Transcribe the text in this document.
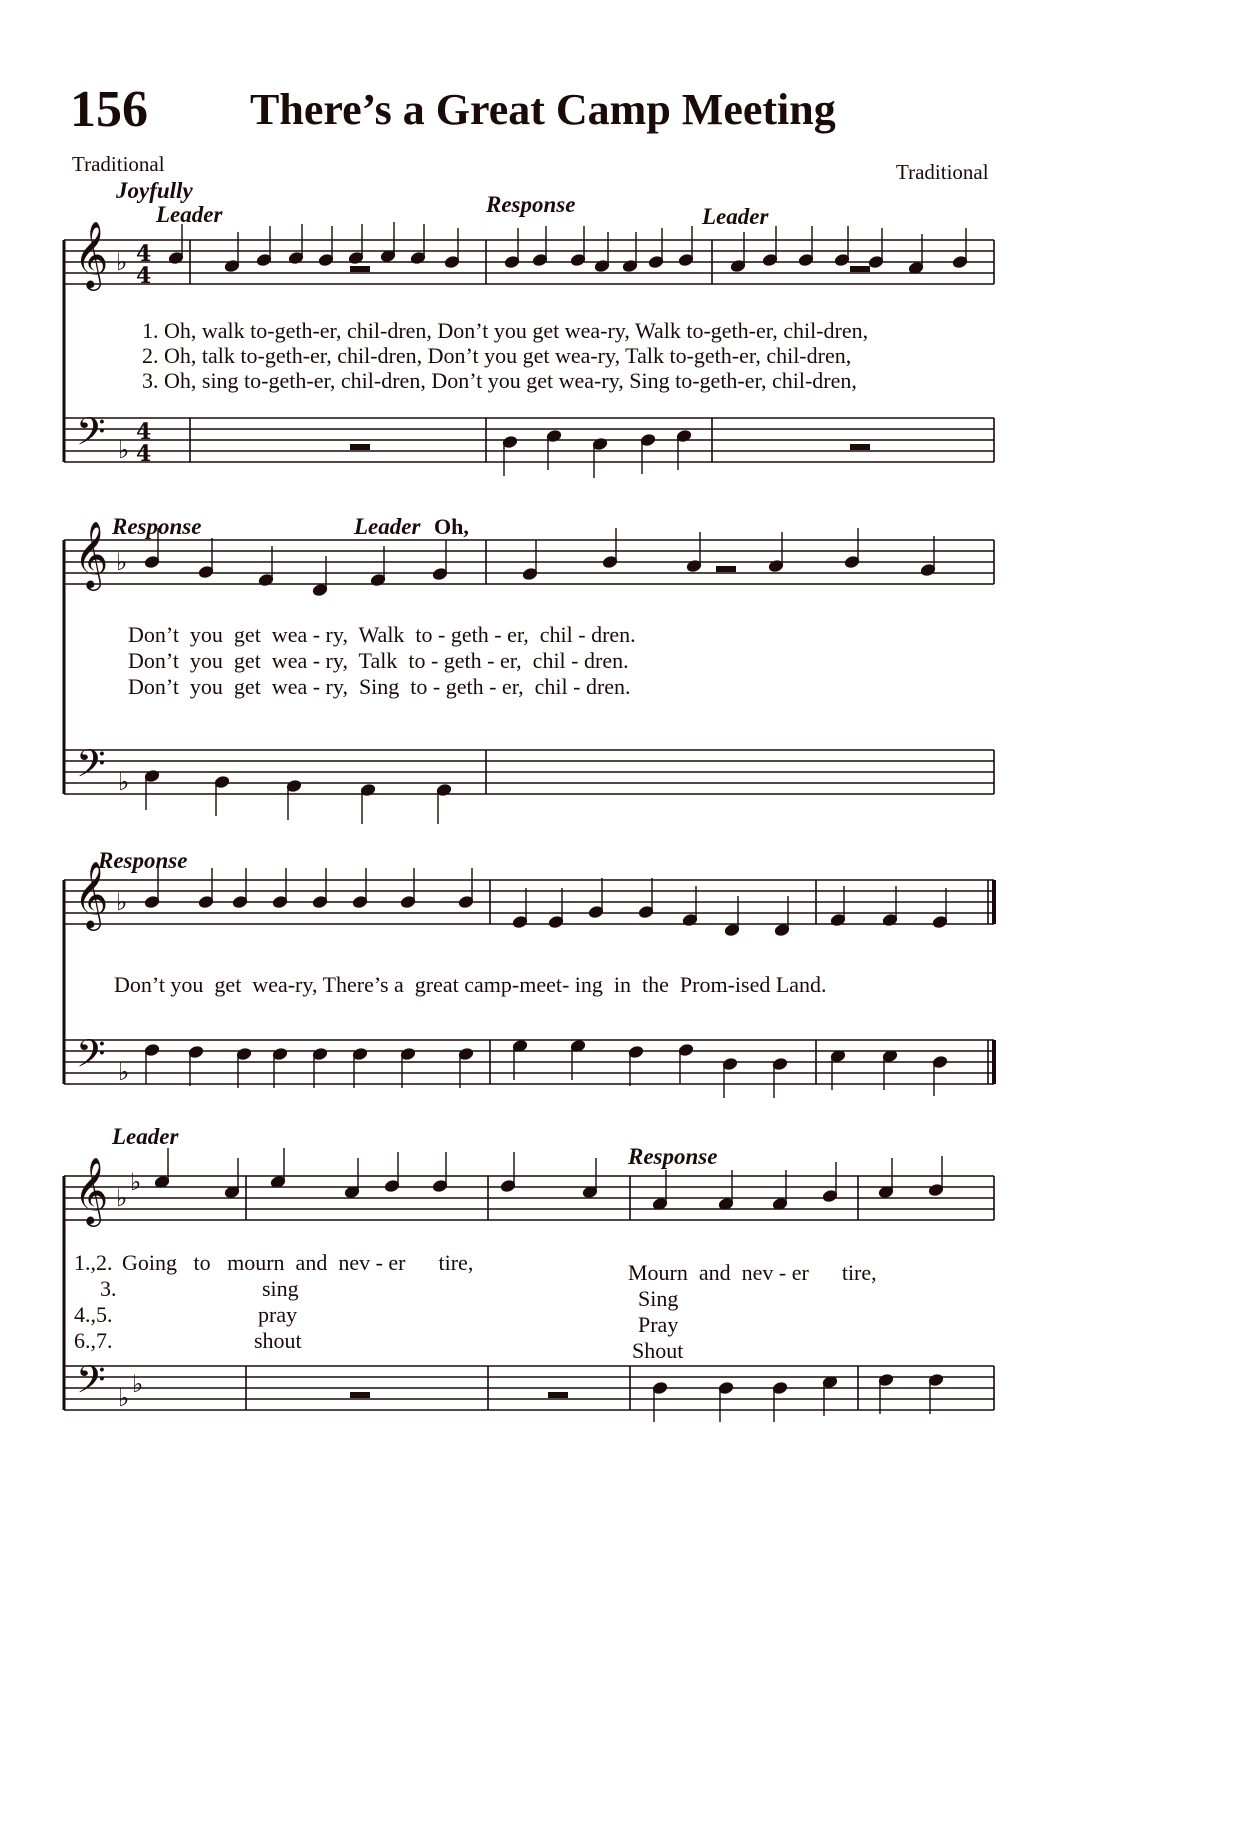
156 There’s a Great Camp Meeting
Traditional	Traditional
Joyfully
Leader	Response	Leader
𝄞
𝄢
♭
♭
4
4
4
4
𝄞
𝄢
♭
♭
𝄞
𝄢
♭
♭
𝄞
𝄢
♭
♭
♭
♭
1. Oh, walk to-geth-er, chil-dren, Don’t you get wea-ry, Walk to-geth-er, chil-dren,
2. Oh, talk to-geth-er, chil-dren, Don’t you get wea-ry, Talk to-geth-er, chil-dren,
3. Oh, sing to-geth-er, chil-dren, Don’t you get wea-ry, Sing to-geth-er, chil-dren,
Response	Leader Oh,
Don’t  you  get  wea - ry,  Walk  to - geth - er,  chil - dren.
Don’t  you  get  wea - ry,  Talk  to - geth - er,  chil - dren.
Don’t  you  get  wea - ry,  Sing  to - geth - er,  chil - dren.
Response
Don’t you  get  wea-ry, There’s a  great camp-meet- ing  in  the  Prom-ised Land.
Leader
Response
1.,2. Going   to   mourn  and  nev - er      tire,	Mourn  and  nev - er      tire,
3.
4.,5.
6.,7.
sing
pray
shout
Sing
Pray
Shout
